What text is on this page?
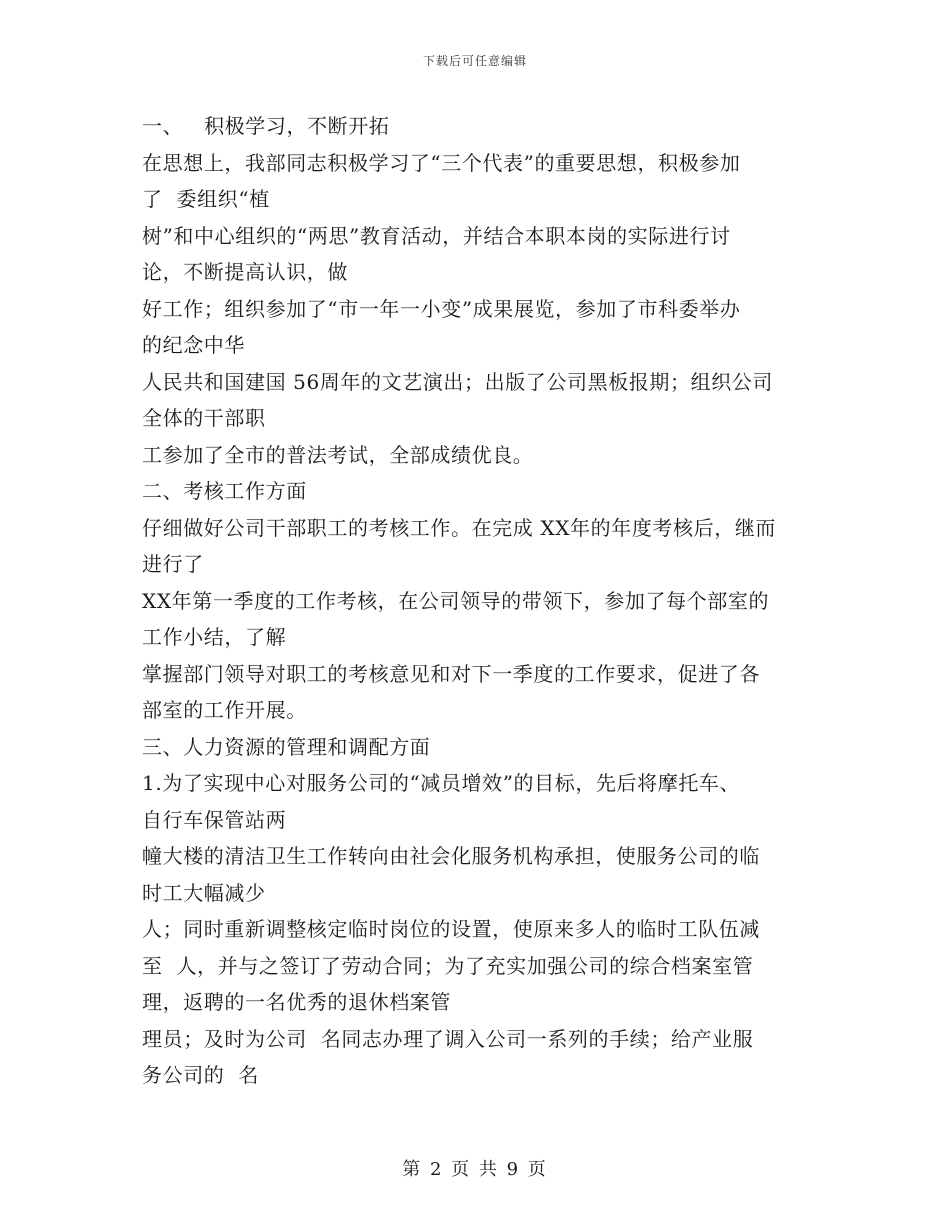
下载后可任意编辑
一、   积极学习，不断开拓
在思想上，我部同志积极学习了“三个代表”的重要思想，积极参加
了  委组织“植
树”和中心组织的“两思”教育活动，并结合本职本岗的实际进行讨
论，不断提高认识，做
好工作；组织参加了“市一年一小变”成果展览，参加了市科委举办
的纪念中华
人民共和国建国 56周年的文艺演出；出版了公司黑板报期；组织公司
全体的干部职
工参加了全市的普法考试，全部成绩优良。
二、考核工作方面
仔细做好公司干部职工的考核工作。在完成 XX年的年度考核后，继而
进行了
XX年第一季度的工作考核，在公司领导的带领下，参加了每个部室的
工作小结，了解
掌握部门领导对职工的考核意见和对下一季度的工作要求，促进了各
部室的工作开展。
三、人力资源的管理和调配方面
1.为了实现中心对服务公司的“减员增效”的目标，先后将摩托车、
自行车保管站两
幢大楼的清洁卫生工作转向由社会化服务机构承担，使服务公司的临
时工大幅减少
人；同时重新调整核定临时岗位的设置，使原来多人的临时工队伍减
至  人，并与之签订了劳动合同；为了充实加强公司的综合档案室管
理，返聘的一名优秀的退休档案管
理员；及时为公司  名同志办理了调入公司一系列的手续；给产业服
务公司的  名
第 2 页 共 9 页
